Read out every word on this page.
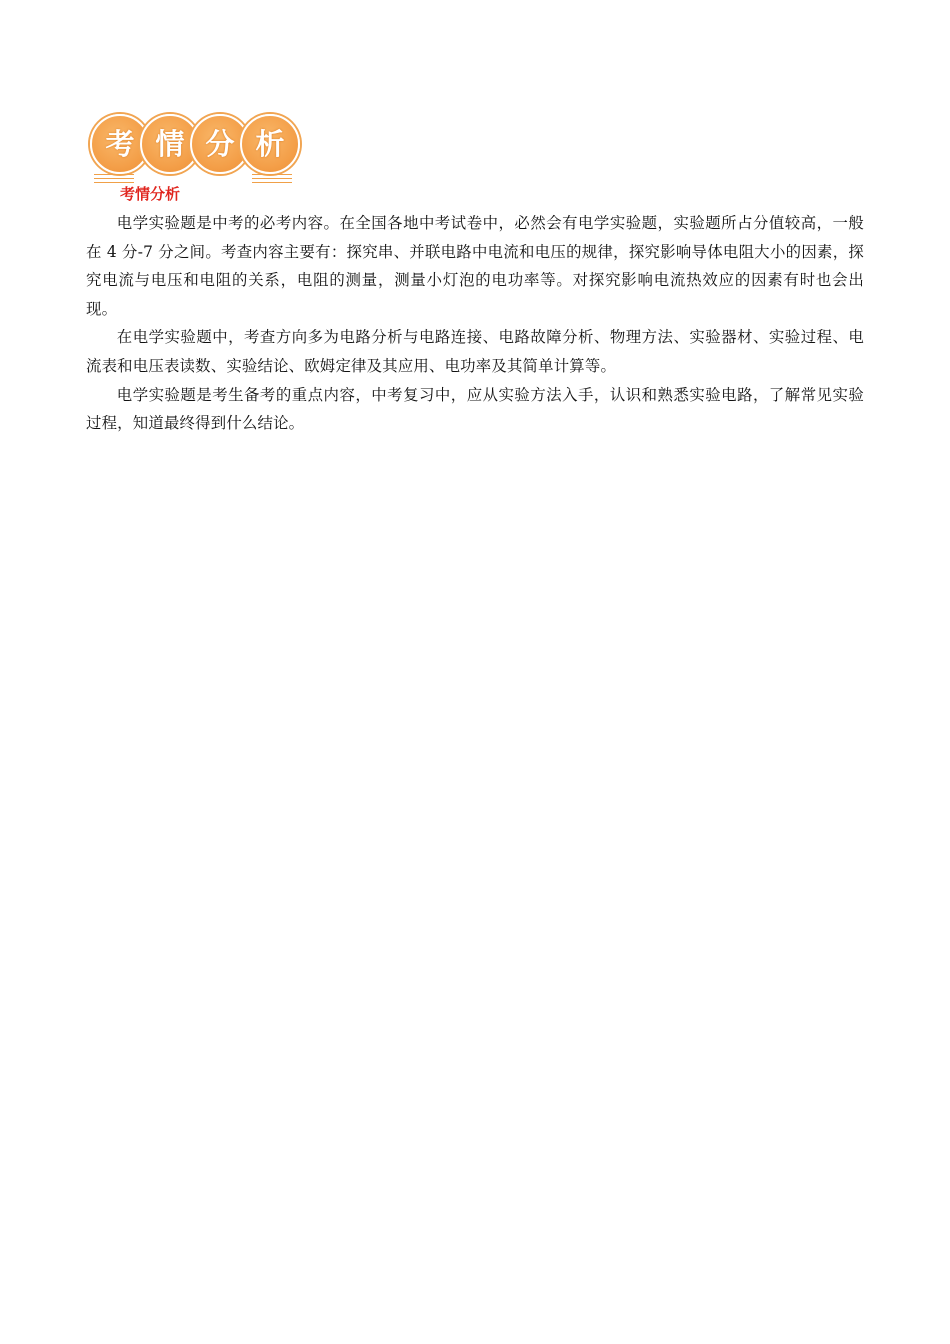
考 情 分 析
考情分析

电学实验题是中考的必考内容。在全国各地中考试卷中，必然会有电学实验题，实验题所占分值较高，一般在 4 分-7 分之间。考查内容主要有：探究串、并联电路中电流和电压的规律，探究影响导体电阻大小的因素，探究电流与电压和电阻的关系，电阻的测量，测量小灯泡的电功率等。对探究影响电流热效应的因素有时也会出现。

在电学实验题中，考查方向多为电路分析与电路连接、电路故障分析、物理方法、实验器材、实验过程、电流表和电压表读数、实验结论、欧姆定律及其应用、电功率及其简单计算等。

电学实验题是考生备考的重点内容，中考复习中，应从实验方法入手，认识和熟悉实验电路，了解常见实验过程，知道最终得到什么结论。
